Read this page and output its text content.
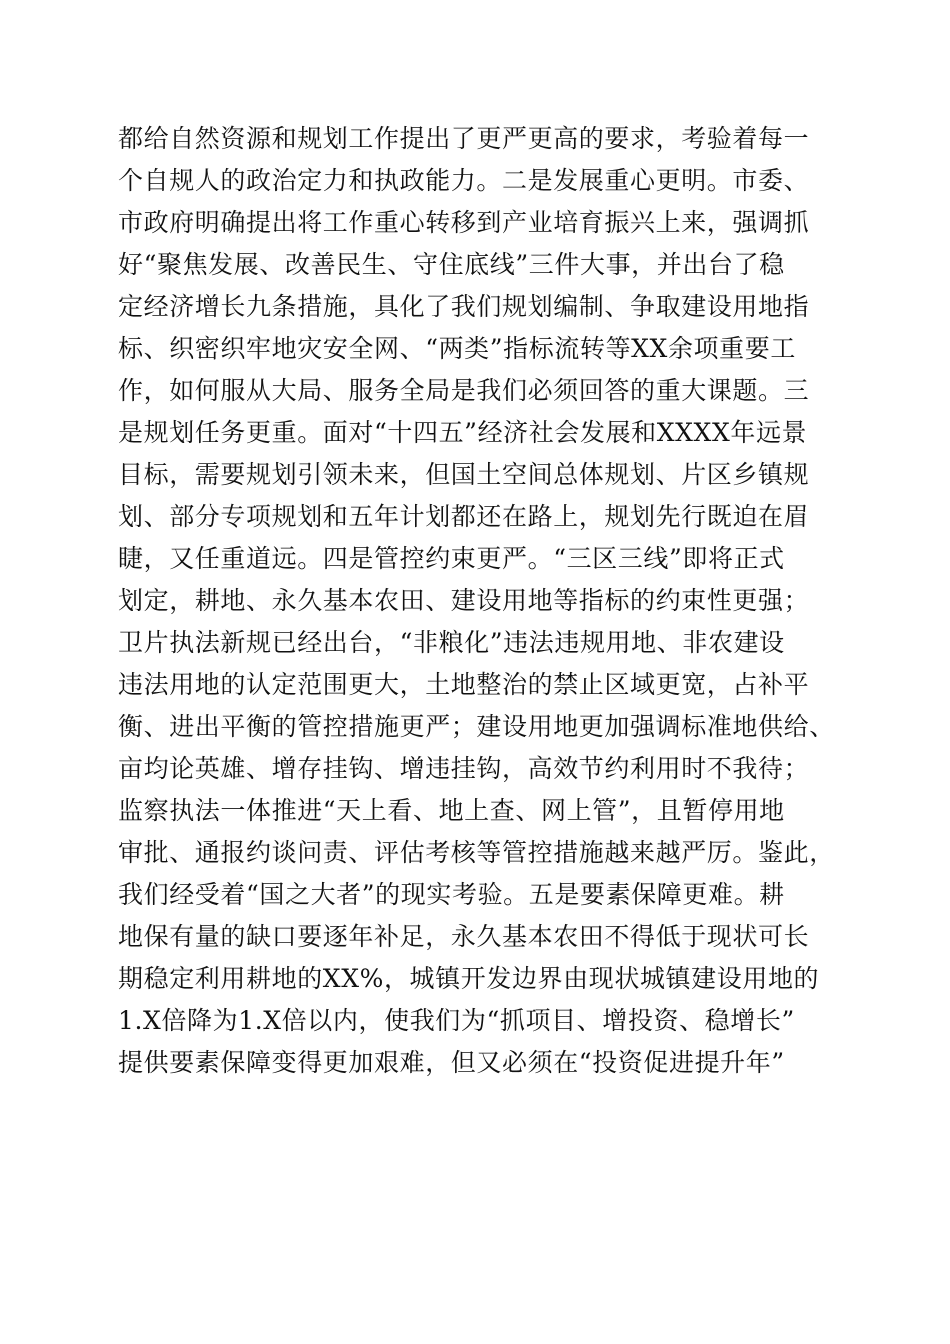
都给自然资源和规划工作提出了更严更高的要求，考验着每一
个自规人的政治定力和执政能力。二是发展重心更明。市委、
市政府明确提出将工作重心转移到产业培育振兴上来，强调抓
好“聚焦发展、改善民生、守住底线”三件大事，并出台了稳
定经济增长九条措施，具化了我们规划编制、争取建设用地指
标、织密织牢地灾安全网、“两类”指标流转等XX余项重要工
作，如何服从大局、服务全局是我们必须回答的重大课题。三
是规划任务更重。面对“十四五”经济社会发展和XXXX年远景
目标，需要规划引领未来，但国土空间总体规划、片区乡镇规
划、部分专项规划和五年计划都还在路上，规划先行既迫在眉
睫，又任重道远。四是管控约束更严。“三区三线”即将正式
划定，耕地、永久基本农田、建设用地等指标的约束性更强；
卫片执法新规已经出台，“非粮化”违法违规用地、非农建设
违法用地的认定范围更大，土地整治的禁止区域更宽，占补平
衡、进出平衡的管控措施更严；建设用地更加强调标准地供给、
亩均论英雄、增存挂钩、增违挂钩，高效节约利用时不我待；
监察执法一体推进“天上看、地上查、网上管”，且暂停用地
审批、通报约谈问责、评估考核等管控措施越来越严厉。鉴此，
我们经受着“国之大者”的现实考验。五是要素保障更难。耕
地保有量的缺口要逐年补足，永久基本农田不得低于现状可长
期稳定利用耕地的XX%，城镇开发边界由现状城镇建设用地的
1.X倍降为1.X倍以内，使我们为“抓项目、增投资、稳增长”
提供要素保障变得更加艰难，但又必须在“投资促进提升年”
